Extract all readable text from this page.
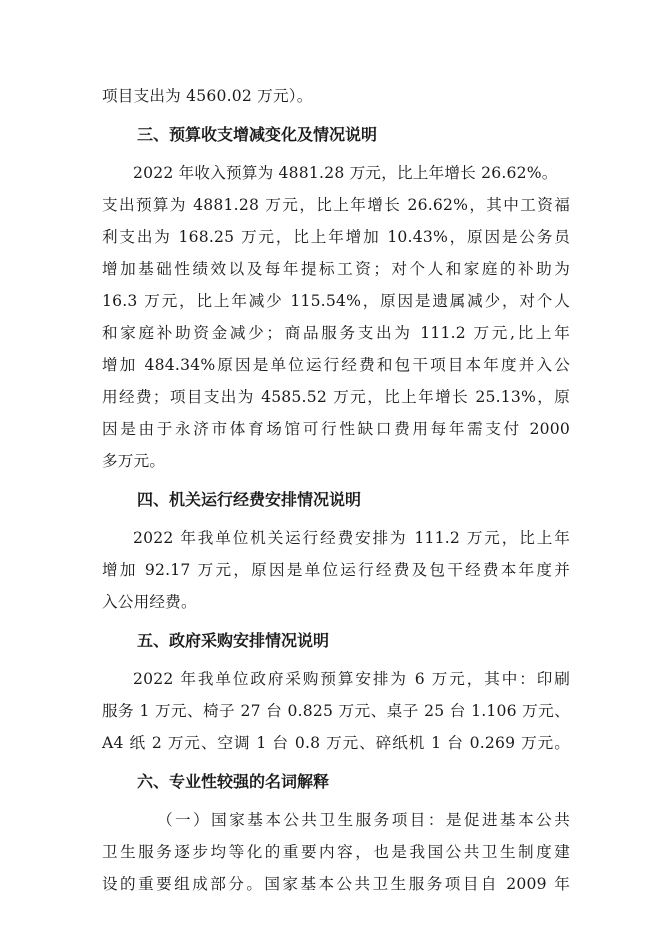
项目支出为 4560.02 万元）。
三、预算收支增减变化及情况说明
2022 年收入预算为 4881.28 万元，比上年增长 26.62%。
支出预算为 4881.28 万元，比上年增长 26.62%，其中工资福
利支出为 168.25 万元，比上年增加 10.43%，原因是公务员
增加基础性绩效以及每年提标工资；对个人和家庭的补助为
16.3 万元，比上年减少 115.54%，原因是遗属减少，对个人
和家庭补助资金减少；商品服务支出为 111.2 万元,比上年
增加 484.34%原因是单位运行经费和包干项目本年度并入公
用经费；项目支出为 4585.52 万元，比上年增长 25.13%，原
因是由于永济市体育场馆可行性缺口费用每年需支付 2000
多万元。
四、机关运行经费安排情况说明
2022 年我单位机关运行经费安排为 111.2 万元，比上年
增加 92.17 万元，原因是单位运行经费及包干经费本年度并
入公用经费。
五、政府采购安排情况说明
2022 年我单位政府采购预算安排为 6 万元，其中：印刷
服务 1 万元、椅子 27 台 0.825 万元、桌子 25 台 1.106 万元、
A4 纸 2 万元、空调 1 台 0.8 万元、碎纸机 1 台 0.269 万元。
六、专业性较强的名词解释
（一）国家基本公共卫生服务项目：是促进基本公共
卫生服务逐步均等化的重要内容，也是我国公共卫生制度建
设的重要组成部分。国家基本公共卫生服务项目自 2009 年
